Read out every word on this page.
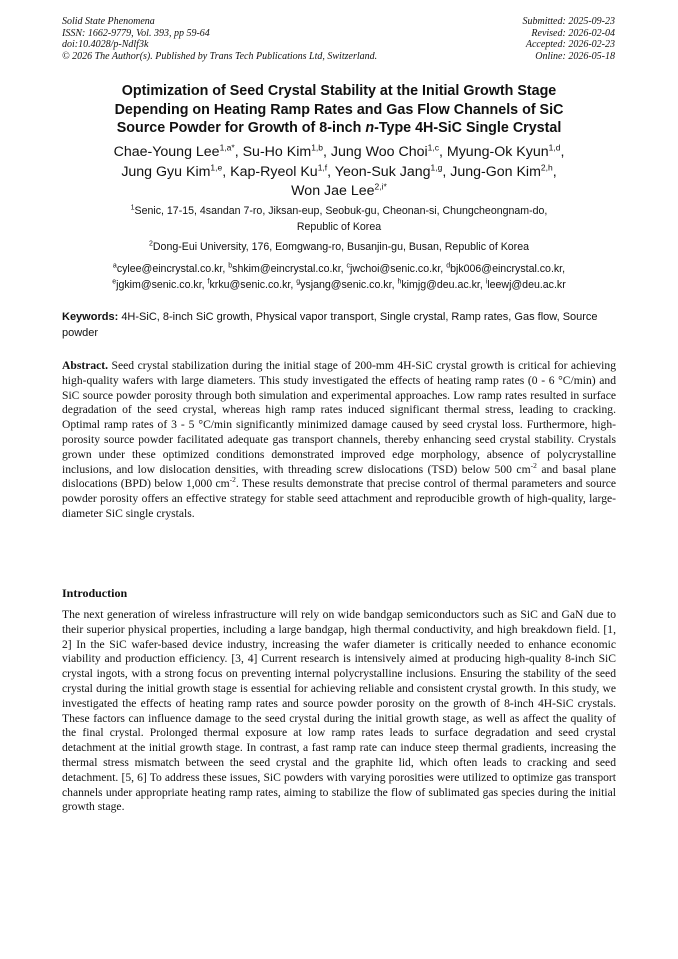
Solid State Phenomena
ISSN: 1662-9779, Vol. 393, pp 59-64
doi:10.4028/p-Ndlf3k
© 2026 The Author(s). Published by Trans Tech Publications Ltd, Switzerland.
Submitted: 2025-09-23
Revised: 2026-02-04
Accepted: 2026-02-23
Online: 2026-05-18
Optimization of Seed Crystal Stability at the Initial Growth Stage
Depending on Heating Ramp Rates and Gas Flow Channels of SiC
Source Powder for Growth of 8-inch n-Type 4H-SiC Single Crystal
Chae-Young Lee$^{1,a*}$, Su-Ho Kim$^{1,b}$, Jung Woo Choi$^{1,c}$, Myung-Ok Kyun$^{1,d}$,
Jung Gyu Kim$^{1,e}$, Kap-Ryeol Ku$^{1,f}$, Yeon-Suk Jang$^{1,g}$, Jung-Gon Kim$^{2,h}$,
Won Jae Lee$^{2,i*}$
$^1$Senic, 17-15, 4sandan 7-ro, Jiksan-eup, Seobuk-gu, Cheonan-si, Chungcheongnam-do,
Republic of Korea
$^2$Dong-Eui University, 176, Eomgwang-ro, Busanjin-gu, Busan, Republic of Korea
$^a$cylee@eincrystal.co.kr, $^b$shkim@eincrystal.co.kr, $^c$jwchoi@senic.co.kr, $^d$bjk006@eincrystal.co.kr,
$^e$jgkim@senic.co.kr, $^f$krku@senic.co.kr, $^g$ysjang@senic.co.kr, $^h$kimjg@deu.ac.kr, $^i$leewj@deu.ac.kr
Keywords: 4H-SiC, 8-inch SiC growth, Physical vapor transport, Single crystal, Ramp rates, Gas flow, Source powder
Abstract. Seed crystal stabilization during the initial stage of 200-mm 4H-SiC crystal growth is critical for achieving high-quality wafers with large diameters. This study investigated the effects of heating ramp rates (0 - 6 °C/min) and SiC source powder porosity through both simulation and experimental approaches. Low ramp rates resulted in surface degradation of the seed crystal, whereas high ramp rates induced significant thermal stress, leading to cracking. Optimal ramp rates of 3 - 5 °C/min significantly minimized damage caused by seed crystal loss. Furthermore, high-porosity source powder facilitated adequate gas transport channels, thereby enhancing seed crystal stability. Crystals grown under these optimized conditions demonstrated improved edge morphology, absence of polycrystalline inclusions, and low dislocation densities, with threading screw dislocations (TSD) below 500 $cm^{-2}$ and basal plane dislocations (BPD) below 1,000 $cm^{-2}$. These results demonstrate that precise control of thermal parameters and source powder porosity offers an effective strategy for stable seed attachment and reproducible growth of high-quality, large-diameter SiC single crystals.
Introduction
The next generation of wireless infrastructure will rely on wide bandgap semiconductors such as SiC and GaN due to their superior physical properties, including a large bandgap, high thermal conductivity, and high breakdown field. [1, 2] In the SiC wafer-based device industry, increasing the wafer diameter is critically needed to enhance economic viability and production efficiency. [3, 4] Current research is intensively aimed at producing high-quality 8-inch SiC crystal ingots, with a strong focus on preventing internal polycrystalline inclusions. Ensuring the stability of the seed crystal during the initial growth stage is essential for achieving reliable and consistent crystal growth. In this study, we investigated the effects of heating ramp rates and source powder porosity on the growth of 8-inch 4H-SiC crystals. These factors can influence damage to the seed crystal during the initial growth stage, as well as affect the quality of the final crystal. Prolonged thermal exposure at low ramp rates leads to surface degradation and seed crystal detachment at the initial growth stage. In contrast, a fast ramp rate can induce steep thermal gradients, increasing the thermal stress mismatch between the seed crystal and the graphite lid, which often leads to cracking and seed detachment. [5, 6] To address these issues, SiC powders with varying porosities were utilized to optimize gas transport channels under appropriate heating ramp rates, aiming to stabilize the flow of sublimated gas species during the initial growth stage.
